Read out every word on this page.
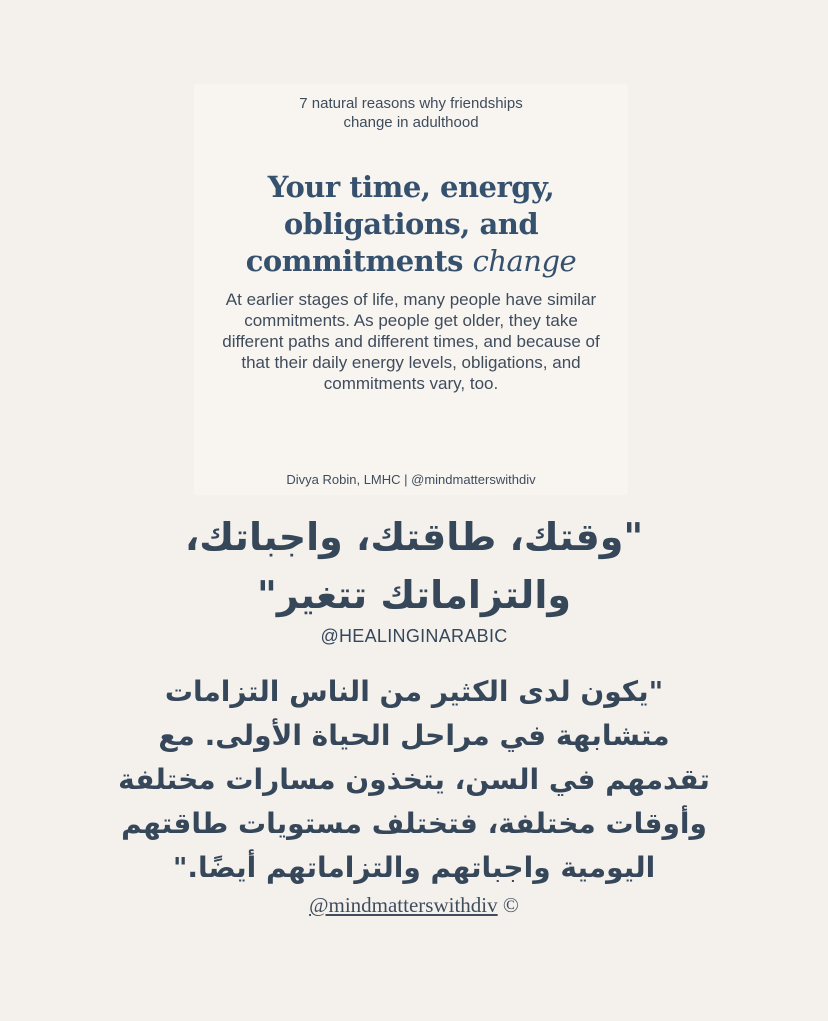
7 natural reasons why friendships
change in adulthood
Your time, energy,
obligations, and
commitments change
At earlier stages of life, many people have similar commitments. As people get older, they take different paths and different times, and because of that their daily energy levels, obligations, and commitments vary, too.
Divya Robin, LMHC | @mindmatterswithdiv
"وقتك، طاقتك، واجباتك،
والتزاماتك تتغير"
@HEALINGINARABIC
"يكون لدى الكثير من الناس التزامات
متشابهة في مراحل الحياة الأولى. مع
تقدمهم في السن، يتخذون مسارات مختلفة
وأوقات مختلفة، فتختلف مستويات طاقتهم
اليومية واجباتهم والتزاماتهم أيضًا."
@mindmatterswithdiv ©
